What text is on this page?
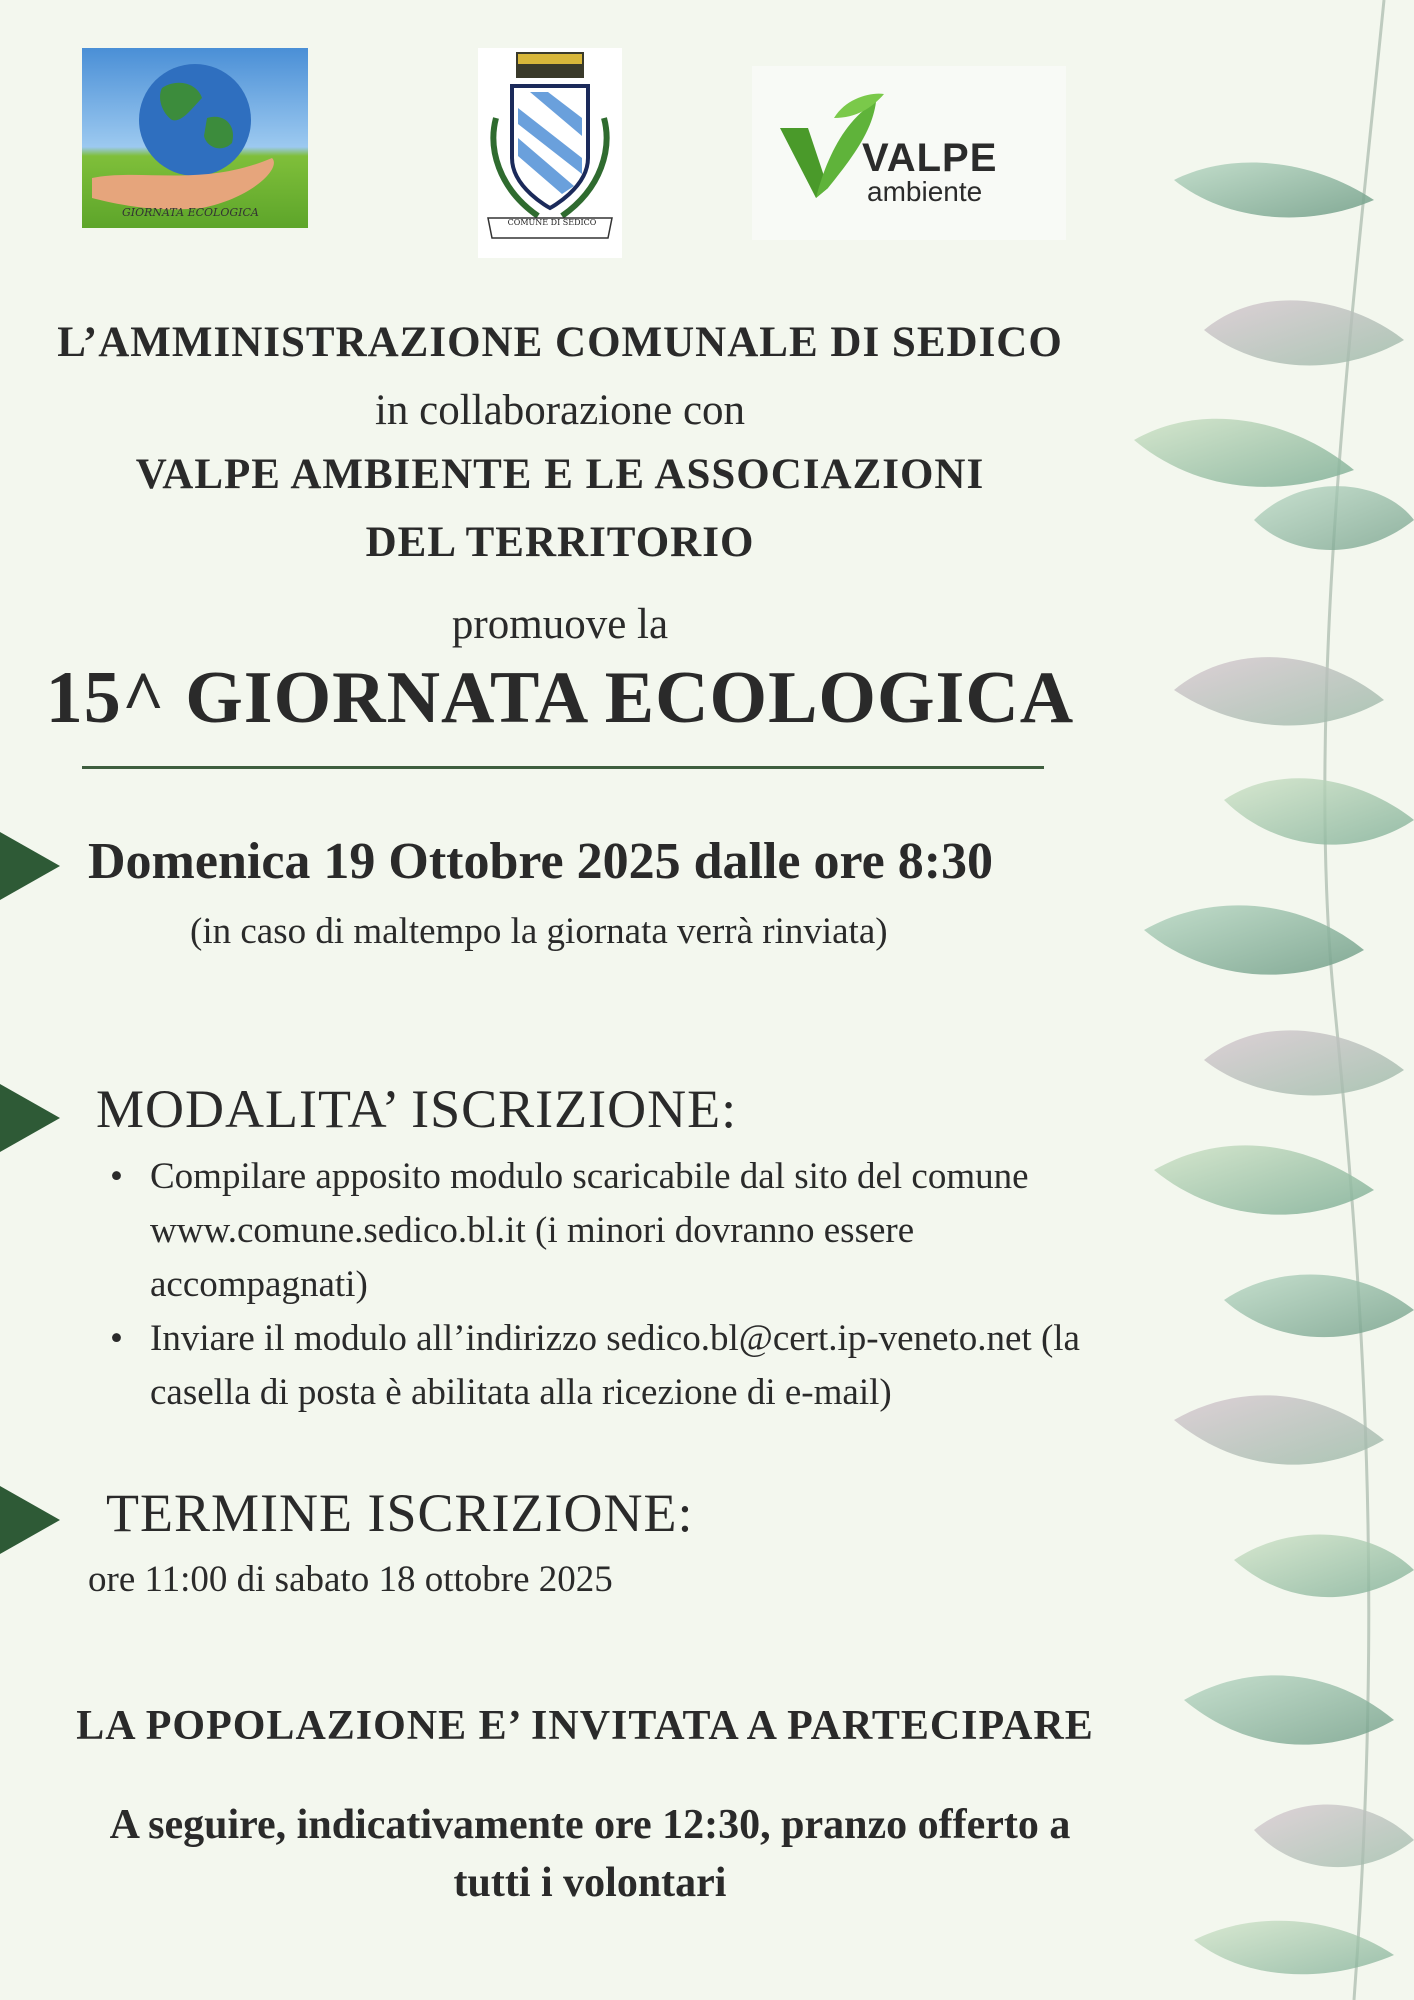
GIORNATA ECOLOGICA
COMUNE DI SEDICO
VALPE
ambiente
L’AMMINISTRAZIONE COMUNALE DI SEDICO
in collaborazione con
VALPE AMBIENTE E LE ASSOCIAZIONI
DEL TERRITORIO
promuove la
15^ GIORNATA ECOLOGICA
Domenica 19 Ottobre 2025 dalle ore 8:30
(in caso di maltempo la giornata verrà rinviata)
MODALITA’ ISCRIZIONE:
• Compilare apposito modulo scaricabile dal sito del comune www.comune.sedico.bl.it (i minori dovranno essere accompagnati)
• Inviare il modulo all’indirizzo sedico.bl@cert.ip-veneto.net (la casella di posta è abilitata alla ricezione di e-mail)
TERMINE ISCRIZIONE:
ore 11:00 di sabato 18 ottobre 2025
LA POPOLAZIONE E’ INVITATA A PARTECIPARE
A seguire, indicativamente ore 12:30, pranzo offerto a tutti i volontari
